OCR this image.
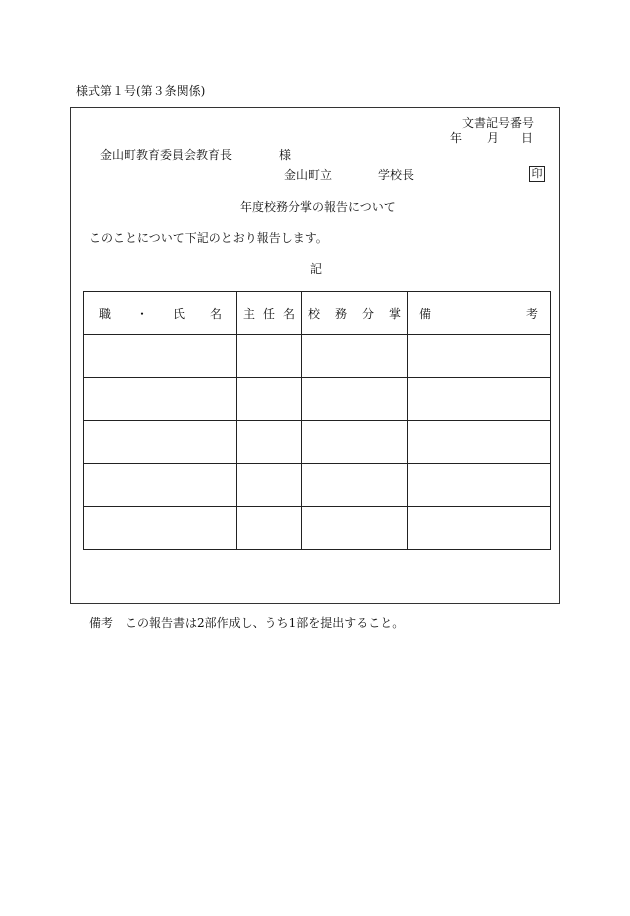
様式第１号(第３条関係)
文書記号番号
年 月 日
金山町教育委員会教育長	様
金山町立	学校長	印
年度校務分掌の報告について
このことについて下記のとおり報告します。
記
職 ・ 氏 名	主 任 名	校 務 分 掌	備 考

備考　この報告書は2部作成し、うち1部を提出すること。
